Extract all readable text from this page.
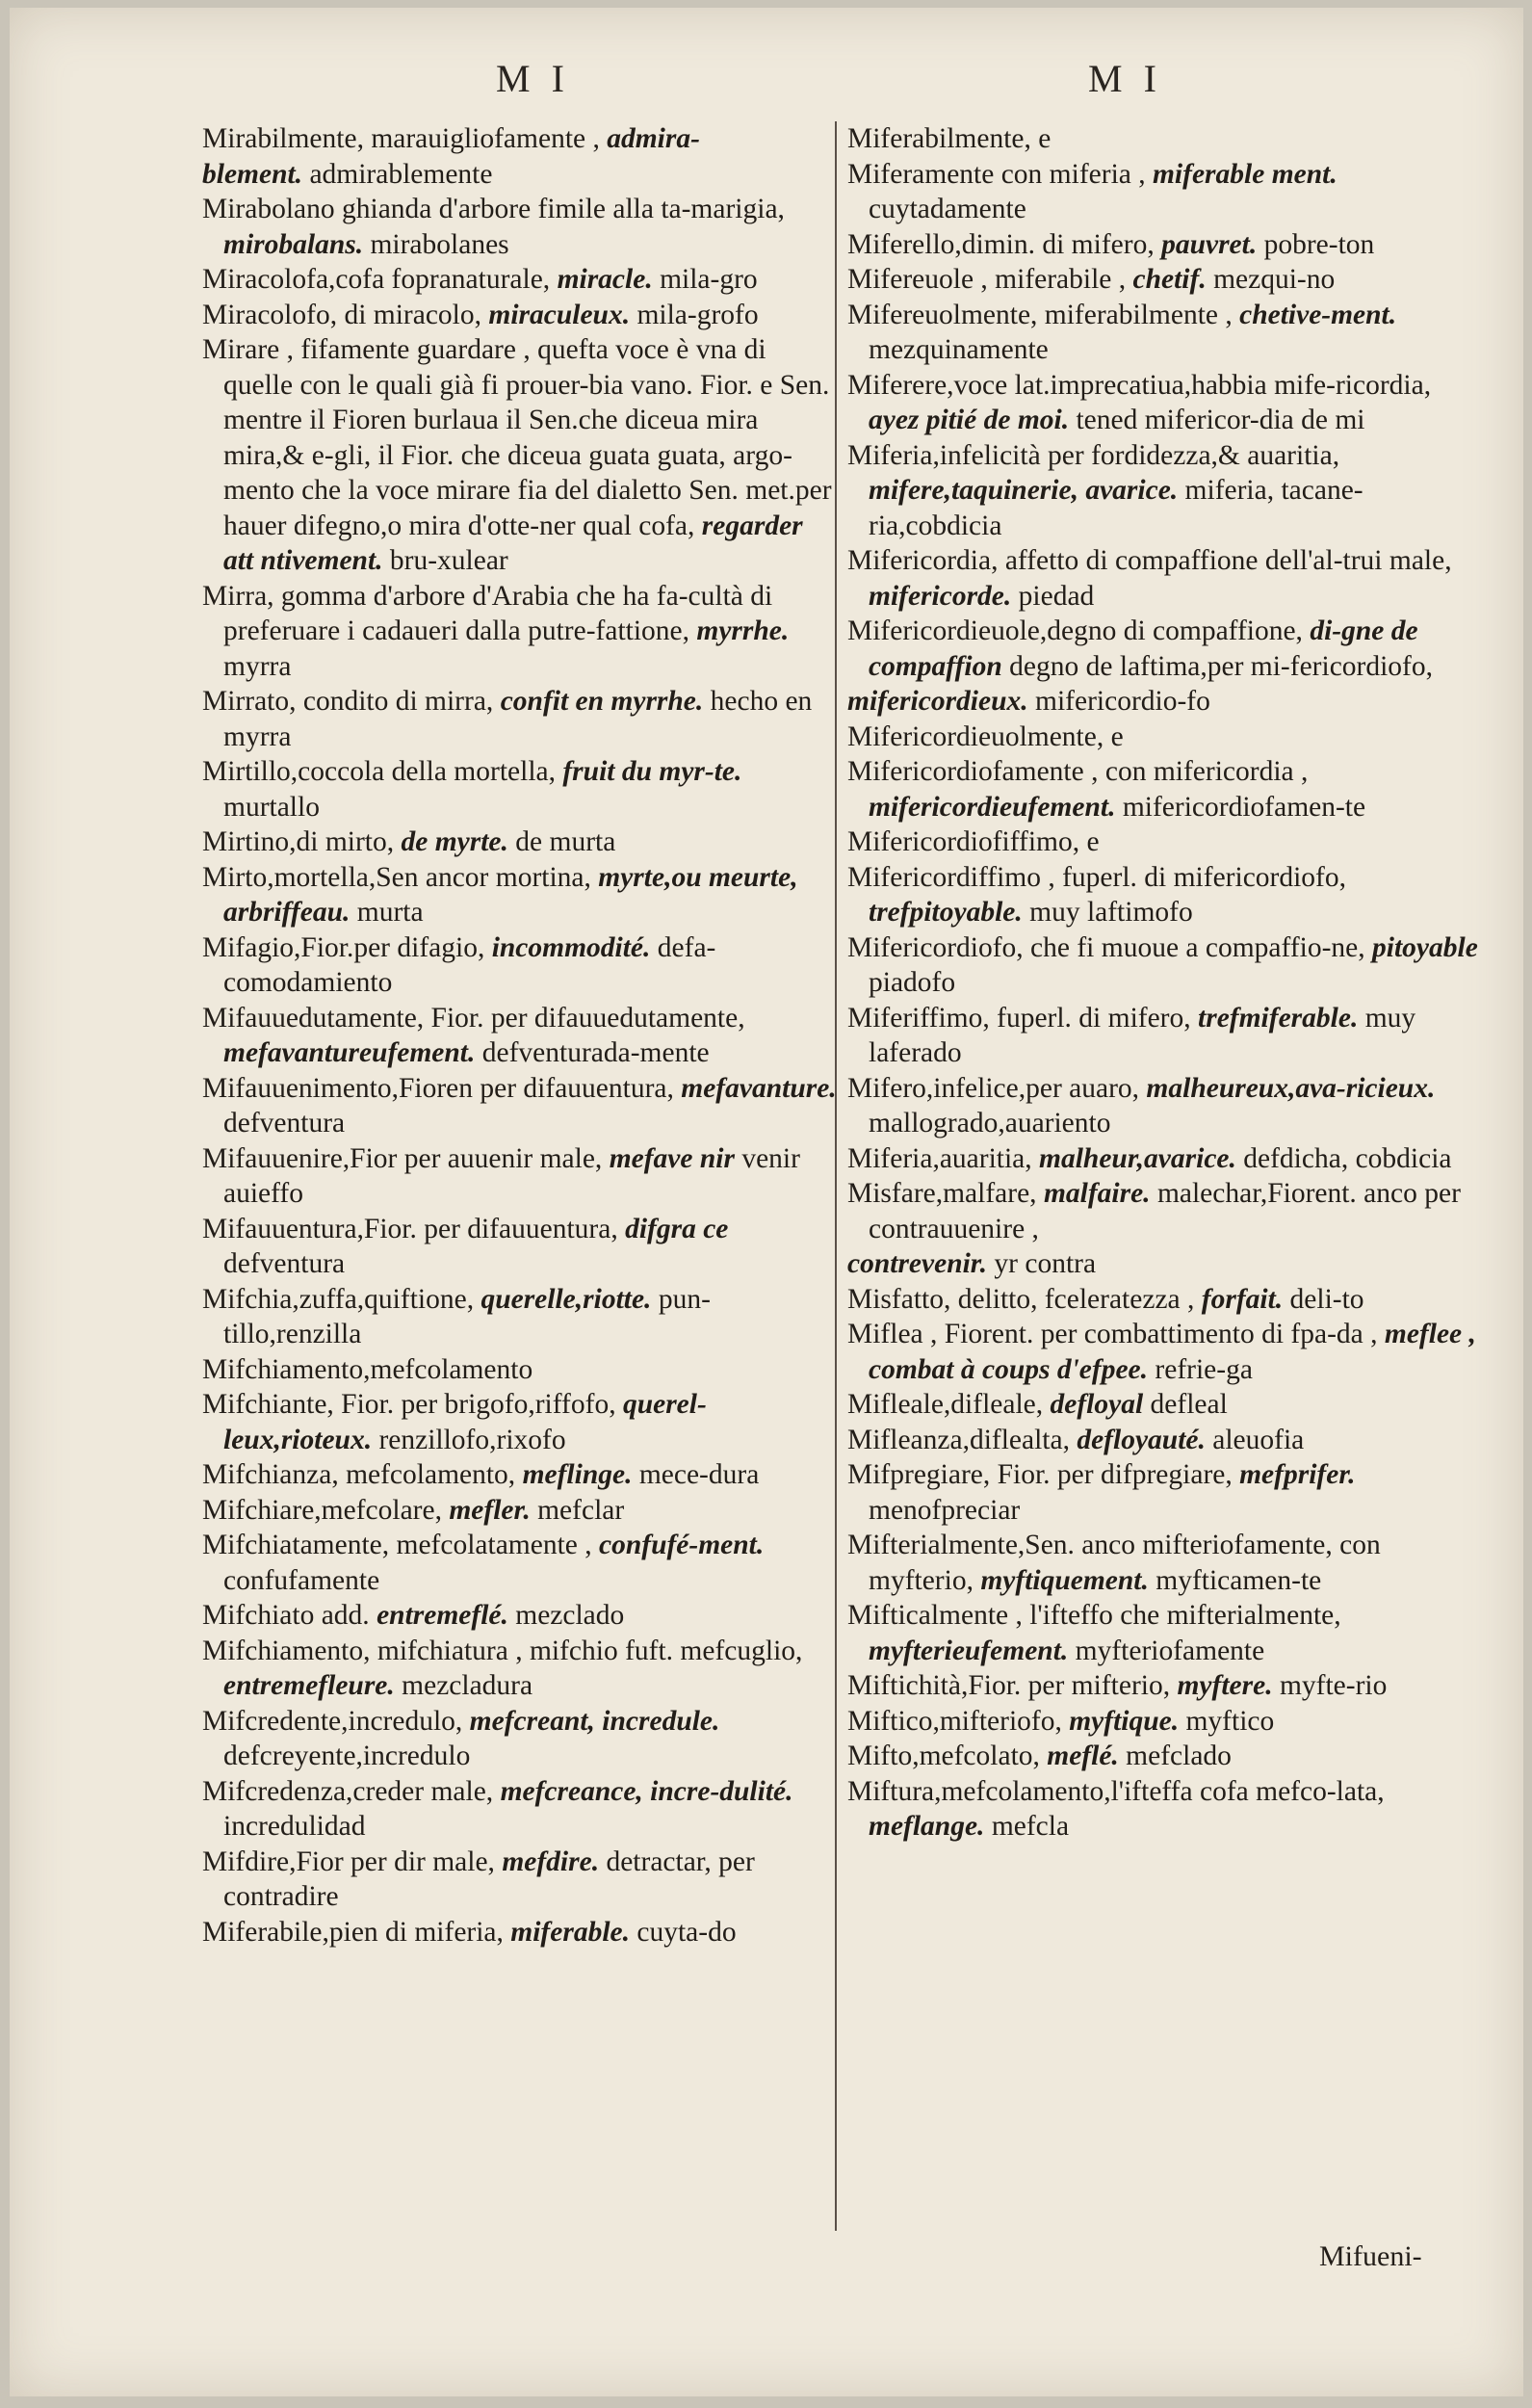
M I	M I

Mirabilmente, marauigliofamente , admira-

blement. admirablemente

Mirabolano ghianda d'arbore fimile alla ta-marigia, mirobalans. mirabolanes

Miracolofa,cofa fopranaturale, miracle. mila-gro

Miracolofo, di miracolo, miraculeux. mila-grofo

Mirare , fifamente guardare , quefta voce è vna di quelle con le quali già fi prouer-bia vano. Fior. e Sen. mentre il Fioren burlaua il Sen.che diceua mira mira,& e-gli, il Fior. che diceua guata guata, argo-mento che la voce mirare fia del dialetto Sen. met.per hauer difegno,o mira d'otte-ner qual cofa, regarder att ntivement. bru-xulear

Mirra, gomma d'arbore d'Arabia che ha fa-cultà di preferuare i cadaueri dalla putre-fattione, myrrhe. myrra

Mirrato, condito di mirra, confit en myrrhe. hecho en myrra

Mirtillo,coccola della mortella, fruit du myr-te. murtallo

Mirtino,di mirto, de myrte. de murta

Mirto,mortella,Sen ancor mortina, myrte,ou meurte, arbriffeau. murta

Mifagio,Fior.per difagio, incommodité. defa-comodamiento

Mifauuedutamente, Fior. per difauuedutamente, mefavantureufement. defventurada-mente

Mifauuenimento,Fioren per difauuentura, mefavanture. defventura

Mifauuenire,Fior per auuenir male, mefave nir venir auieffo

Mifauuentura,Fior. per difauuentura, difgra ce defventura

Mifchia,zuffa,quiftione, querelle,riotte. pun-tillo,renzilla

Mifchiamento,mefcolamento

Mifchiante, Fior. per brigofo,riffofo, querel-leux,rioteux. renzillofo,rixofo

Mifchianza, mefcolamento, meflinge. mece-dura

Mifchiare,mefcolare, mefler. mefclar

Mifchiatamente, mefcolatamente , confufé-ment. confufamente

Mifchiato add. entremeflé. mezclado

Mifchiamento, mifchiatura , mifchio fuft. mefcuglio, entremefleure. mezcladura

Mifcredente,incredulo, mefcreant, incredule. defcreyente,incredulo

Mifcredenza,creder male, mefcreance, incre-dulité. incredulidad

Mifdire,Fior per dir male, mefdire. detractar, per contradire

Miferabile,pien di miferia, miferable. cuyta-do

Miferabilmente, e

Miferamente con miferia , miferable ment. cuytadamente

Miferello,dimin. di mifero, pauvret. pobre-ton

Mifereuole , miferabile , chetif. mezqui-no

Mifereuolmente, miferabilmente , chetive-ment. mezquinamente

Miferere,voce lat.imprecatiua,habbia mife-ricordia, ayez pitié de moi. tened mifericor-dia de mi

Miferia,infelicità per fordidezza,& auaritia, mifere,taquinerie, avarice. miferia, tacane-ria,cobdicia

Mifericordia, affetto di compaffione dell'al-trui male, mifericorde. piedad

Mifericordieuole,degno di compaffione, di-gne de compaffion degno de laftima,per mi-fericordiofo,

mifericordieux. mifericordio-fo

Mifericordieuolmente, e

Mifericordiofamente , con mifericordia , mifericordieufement. mifericordiofamen-te

Mifericordiofiffimo, e

Mifericordiffimo , fuperl. di mifericordiofo, trefpitoyable. muy laftimofo

Mifericordiofo, che fi muoue a compaffio-ne, pitoyable piadofo

Miferiffimo, fuperl. di mifero, trefmiferable. muy laferado

Mifero,infelice,per auaro, malheureux,ava-ricieux. mallogrado,auariento

Miferia,auaritia, malheur,avarice. defdicha, cobdicia

Misfare,malfare, malfaire. malechar,Fiorent. anco per contrauuenire ,

contrevenir. yr contra

Misfatto, delitto, fceleratezza , forfait. deli-to

Miflea , Fiorent. per combattimento di fpa-da , meflee , combat à coups d'efpee. refrie-ga

Mifleale,difleale, defloyal defleal

Mifleanza,diflealta, defloyauté. aleuofia

Mifpregiare, Fior. per difpregiare, mefprifer. menofpreciar

Mifterialmente,Sen. anco mifteriofamente, con myfterio, myftiquement. myfticamen-te

Mifticalmente , l'ifteffo che mifterialmente, myfterieufement. myfteriofamente

Miftichità,Fior. per mifterio, myftere. myfte-rio

Miftico,mifteriofo, myftique. myftico

Mifto,mefcolato, meflé. mefclado

Miftura,mefcolamento,l'ifteffa cofa mefco-lata, meflange. mefcla

Mifueni-
